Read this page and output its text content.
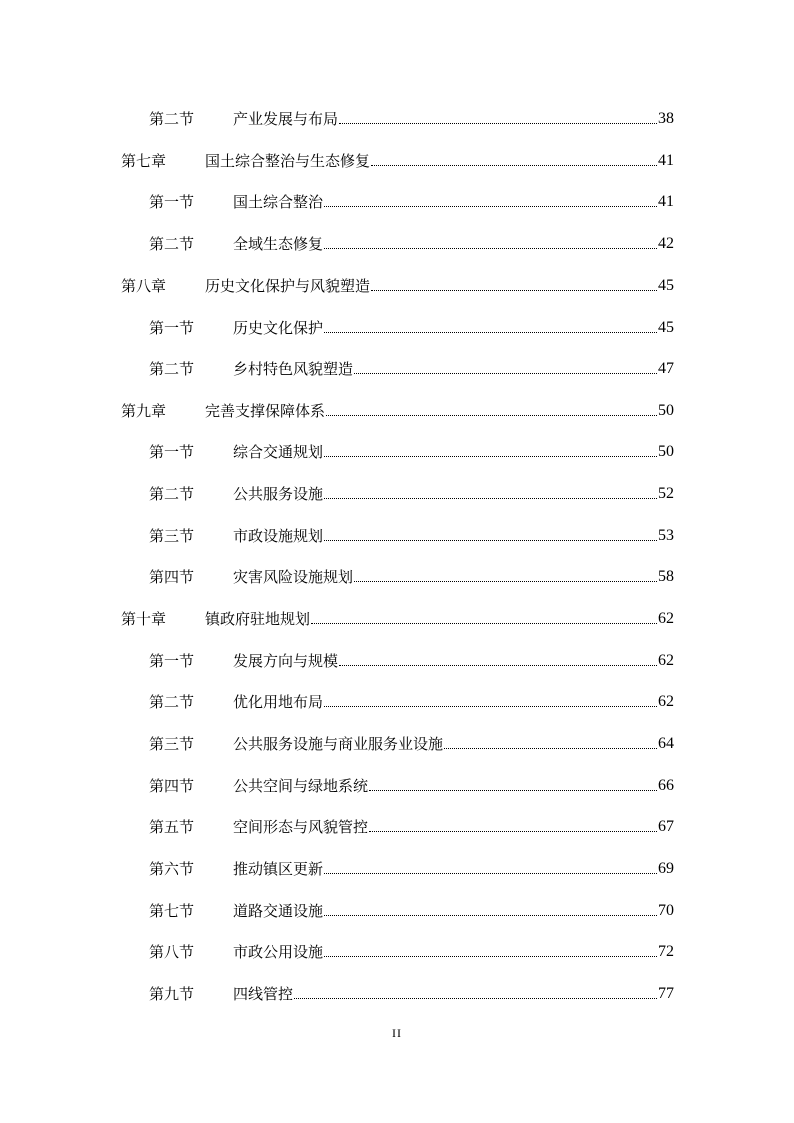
第二节	产业发展与布局	38
第七章	国土综合整治与生态修复	41
第一节	国土综合整治	41
第二节	全域生态修复	42
第八章	历史文化保护与风貌塑造	45
第一节	历史文化保护	45
第二节	乡村特色风貌塑造	47
第九章	完善支撑保障体系	50
第一节	综合交通规划	50
第二节	公共服务设施	52
第三节	市政设施规划	53
第四节	灾害风险设施规划	58
第十章	镇政府驻地规划	62
第一节	发展方向与规模	62
第二节	优化用地布局	62
第三节	公共服务设施与商业服务业设施	64
第四节	公共空间与绿地系统	66
第五节	空间形态与风貌管控	67
第六节	推动镇区更新	69
第七节	道路交通设施	70
第八节	市政公用设施	72
第九节	四线管控	77
II
